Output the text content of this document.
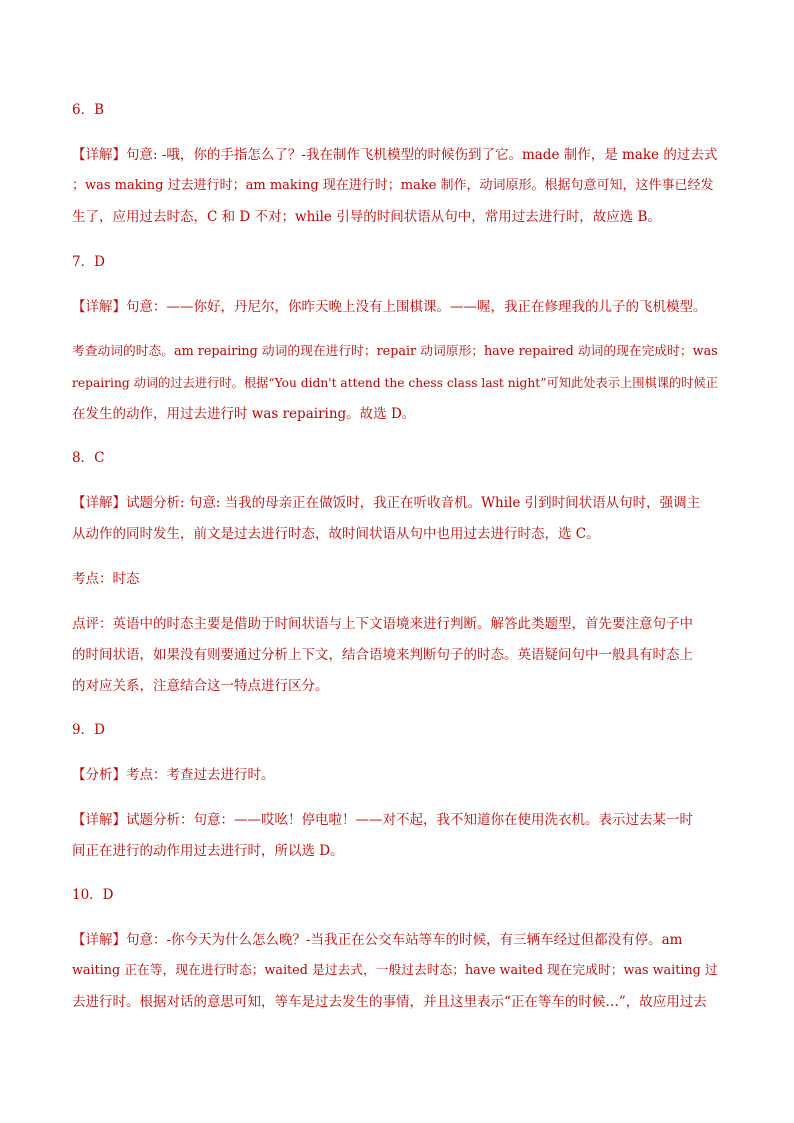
6．B
【详解】句意: -哦，你的手指怎么了？-我在制作飞机模型的时候伤到了它。made 制作，是 make 的过去式
；was making 过去进行时；am making 现在进行时；make 制作，动词原形。根据句意可知，这件事已经发
生了，应用过去时态，C 和 D 不对；while 引导的时间状语从句中，常用过去进行时，故应选 B。
7．D
【详解】句意：——你好，丹尼尔，你昨天晚上没有上围棋课。——喔，我正在修理我的儿子的飞机模型。
考查动词的时态。am repairing 动词的现在进行时；repair 动词原形；have repaired 动词的现在完成时；was
repairing 动词的过去进行时。根据“You didn't attend the chess class last night”可知此处表示上围棋课的时候正
在发生的动作，用过去进行时 was repairing。故选 D。
8．C
【详解】试题分析: 句意: 当我的母亲正在做饭时，我正在听收音机。While 引到时间状语从句时，强调主
从动作的同时发生，前文是过去进行时态，故时间状语从句中也用过去进行时态，选 C。
考点：时态
点评：英语中的时态主要是借助于时间状语与上下文语境来进行判断。解答此类题型，首先要注意句子中
的时间状语，如果没有则要通过分析上下文，结合语境来判断句子的时态。英语疑问句中一般具有时态上
的对应关系，注意结合这一特点进行区分。
9．D
【分析】考点：考查过去进行时。
【详解】试题分析：句意：——哎吆！停电啦！——对不起，我不知道你在使用洗衣机。表示过去某一时
间正在进行的动作用过去进行时，所以选 D。
10．D
【详解】句意：-你今天为什么怎么晚？-当我正在公交车站等车的时候，有三辆车经过但都没有停。am
waiting 正在等，现在进行时态；waited 是过去式，一般过去时态；have waited 现在完成时；was waiting 过
去进行时。根据对话的意思可知，等车是过去发生的事情，并且这里表示“正在等车的时候…”，故应用过去
